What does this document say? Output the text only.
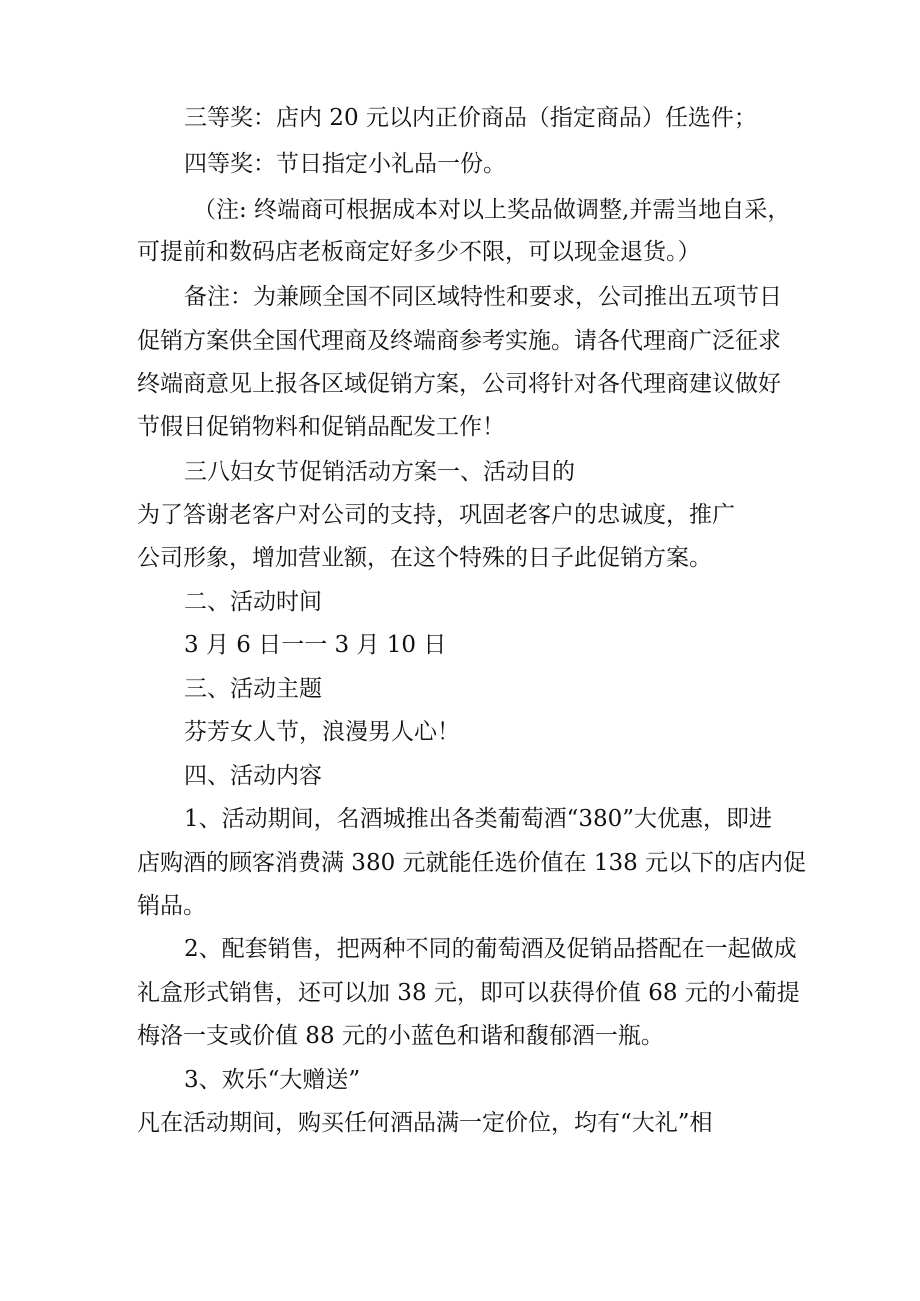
三等奖：店内 20 元以内正价商品（指定商品）任选件；
四等奖：节日指定小礼品一份。
（注: 终端商可根据成本对以上奖品做调整,并需当地自采，
可提前和数码店老板商定好多少不限，可以现金退货。）
备注：为兼顾全国不同区域特性和要求，公司推出五项节日
促销方案供全国代理商及终端商参考实施。请各代理商广泛征求
终端商意见上报各区域促销方案，公司将针对各代理商建议做好
节假日促销物料和促销品配发工作！
三八妇女节促销活动方案一、活动目的
为了答谢老客户对公司的支持，巩固老客户的忠诚度，推广
公司形象，增加营业额，在这个特殊的日子此促销方案。
二、活动时间
3 月 6 日一一 3 月 10 日
三、活动主题
芬芳女人节，浪漫男人心！
四、活动内容
1、活动期间，名酒城推出各类葡萄酒“380”大优惠，即进
店购酒的顾客消费满 380 元就能任选价值在 138 元以下的店内促
销品。
2、配套销售，把两种不同的葡萄酒及促销品搭配在一起做成
礼盒形式销售，还可以加 38 元，即可以获得价值 68 元的小葡提
梅洛一支或价值 88 元的小蓝色和谐和馥郁酒一瓶。
3、欢乐“大赠送”
凡在活动期间，购买任何酒品满一定价位，均有“大礼”相
